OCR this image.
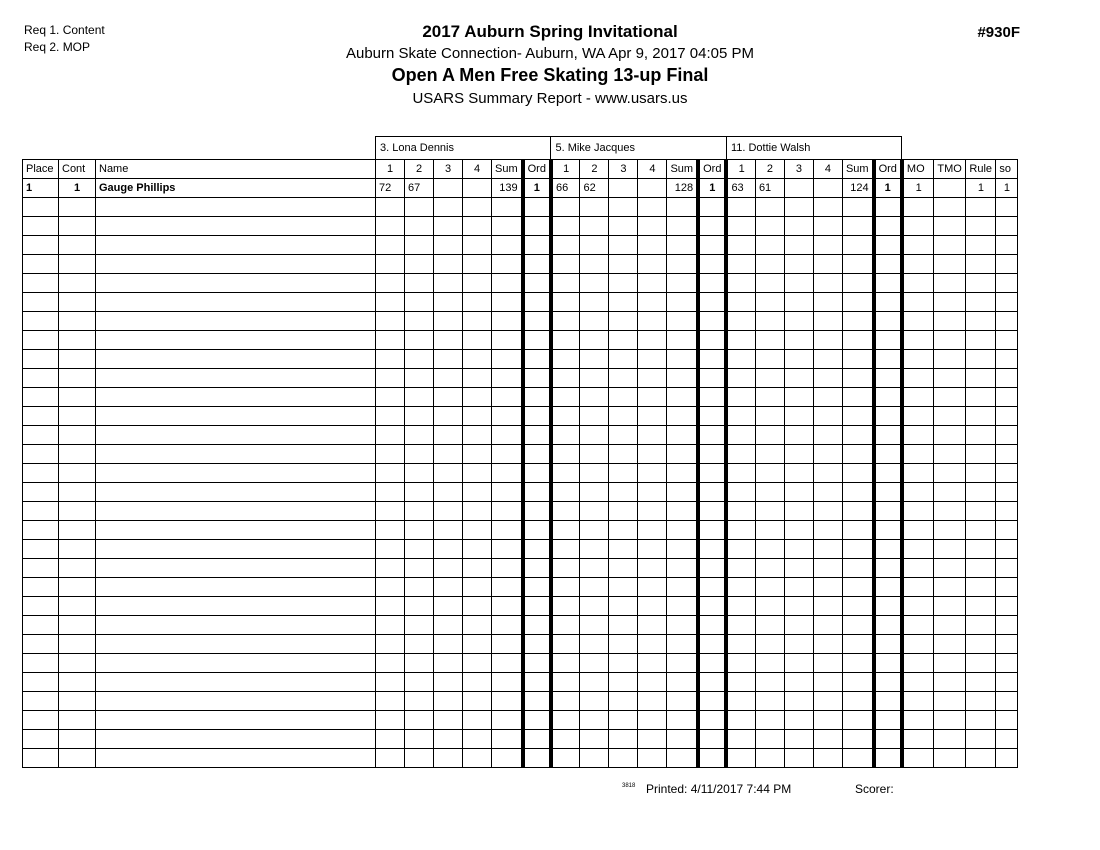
Req 1. Content
Req 2. MOP
#930F
2017 Auburn Spring Invitational
Auburn Skate Connection- Auburn, WA Apr 9, 2017 04:05 PM
Open A Men Free Skating 13-up Final
USARS Summary Report - www.usars.us
			3. Lona Dennis						5. Mike Jacques						11. Dottie Walsh									
Place	Cont	Name	1	2	3	4	Sum	Ord	1	2	3	4	Sum	Ord	1	2	3	4	Sum	Ord	MO	TMO	Rule	so
1	1	Gauge Phillips	72	67			139	1	66	62			128	1	63	61			124	1	1		1	1

3818 Printed: 4/11/2017 7:44 PM	Scorer:
